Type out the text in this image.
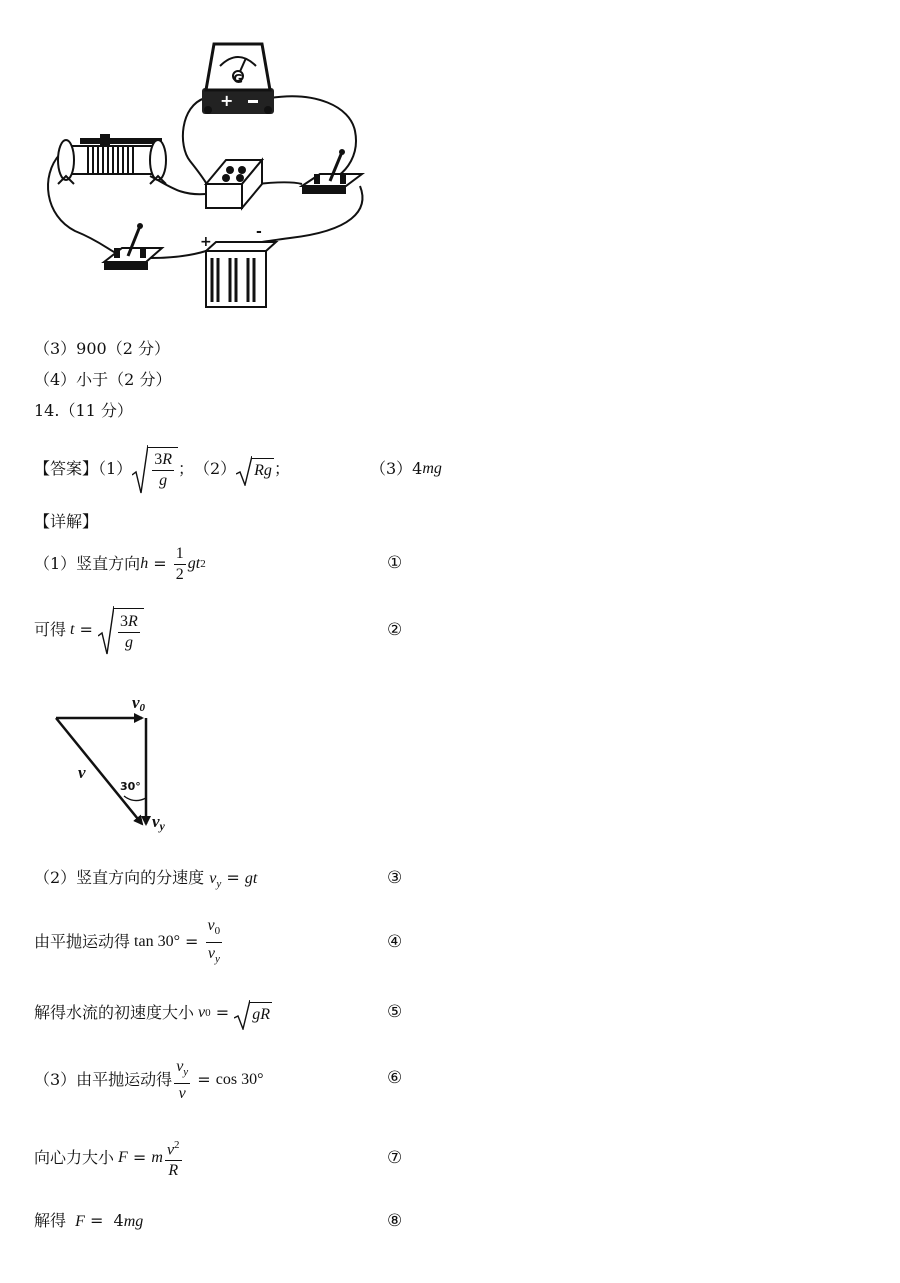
G
+
+
-
（3）900（2 分）
（4）小于（2 分）
14.（11 分）
【答案】$(1) \frac{3R}{g}$ ；　（2）	Rg ；	（3）4 mg
【详解】
（1）竖直方向 $h = \frac{1}{2}$ gt 2	①
可得 $t = \frac{3R}{g}$	②
v0
v
30°
vy
（2）竖直方向的分速度 $v_y$ = gt	③
由平抛运动得 $\tan 30^\circ = \frac{v_0}{v_y}$	④
解得水流的初速度大小 v 0 =	gR	⑤
（3）由平抛运动得 $\frac{v_y}{v} = \cos 30^\circ$	⑥
向心力大小 F = m $\frac{v^2}{R}$	⑦
解得  F =  4mg	⑧
